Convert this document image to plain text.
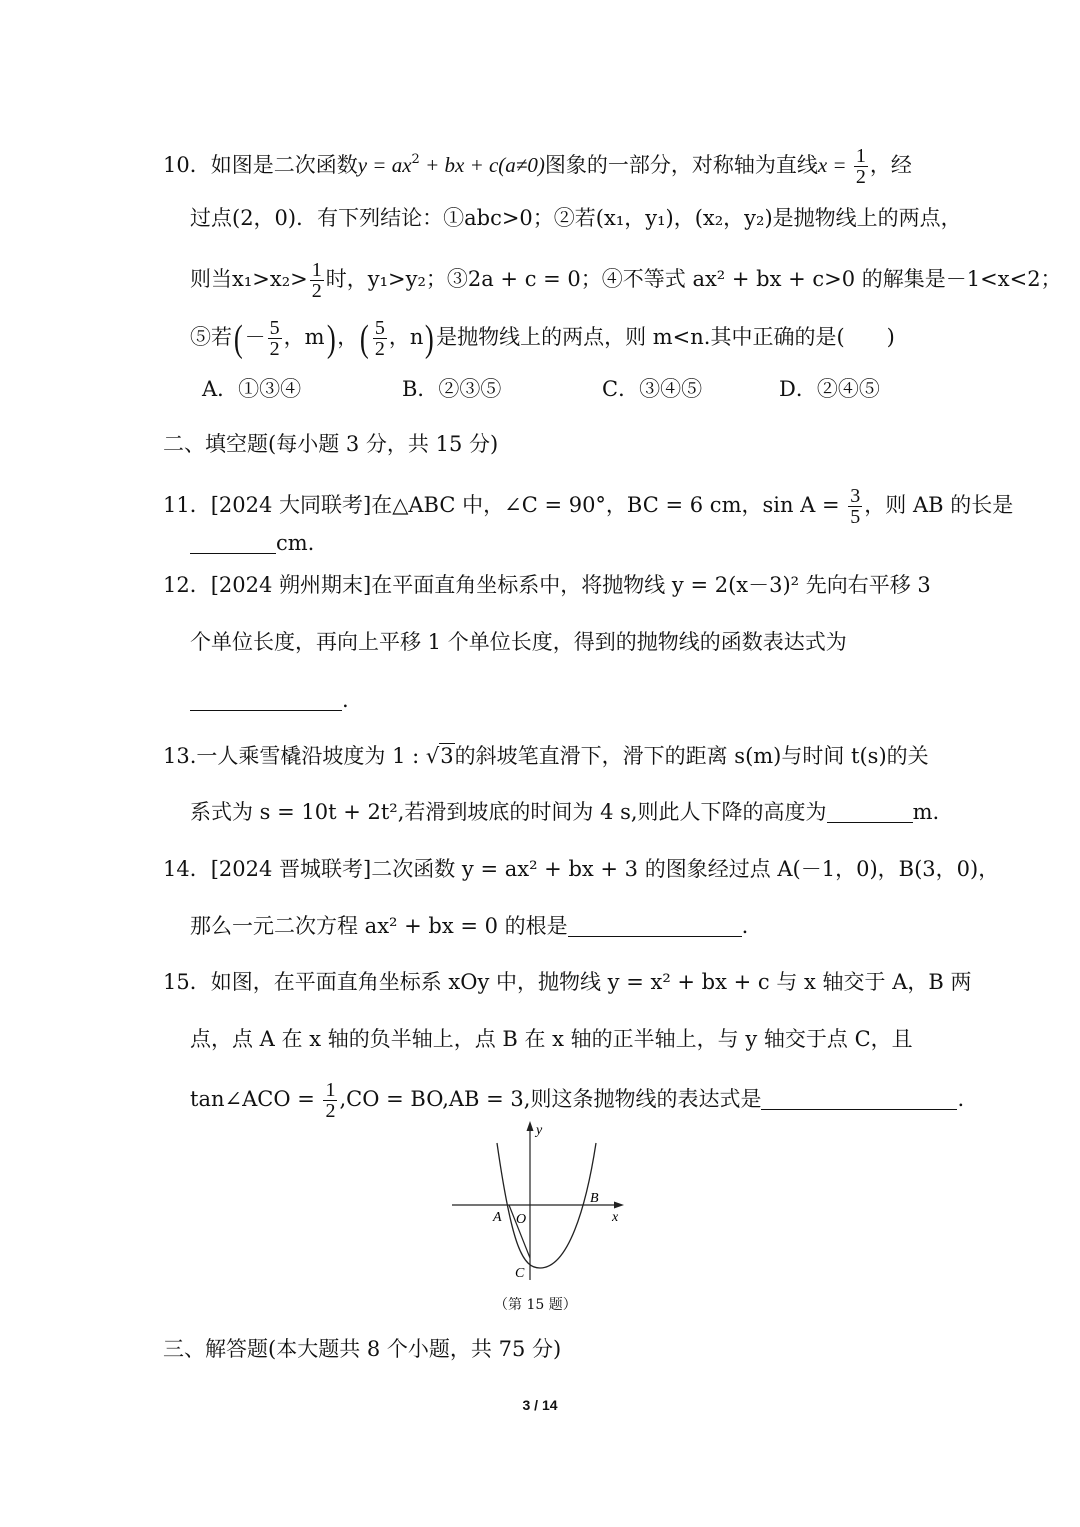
10．如图是二次函数$y = ax^2$ + bx + c(a≠0)图象的一部分，对称轴为直线$x = \frac{1}{2}$ ，经
过点(2，0)．有下列结论：①abc>0；②若(x₁，y₁)，(x₂，y₂)是抛物线上的两点，
则当$x_1>x_2> \frac{1}{2}$ 时，y₁>y₂；③2a + c = 0；④不等式 ax² + bx + c>0 的解集是－1<x<2；
⑤若(－ $\frac{5}{2}$ ，m)，( $\frac{5}{2}$ ，n)是抛物线上的两点，则 m<n.其中正确的是(　　)
A．①③④	B．②③⑤	C．③④⑤	D．②④⑤
二、填空题(每小题 3 分，共 15 分)
11．[2024 大同联考]在△ABC 中，∠C = 90°，BC = 6 cm，$\sin A = \frac{3}{5}$ ，则 AB 的长是
cm.
12．[2024 朔州期末]在平面直角坐标系中，将抛物线 y = 2(x－3)² 先向右平移 3
个单位长度，再向上平移 1 个单位长度，得到的抛物线的函数表达式为
.
13.一人乘雪橇沿坡度为 1 : √3的斜坡笔直滑下，滑下的距离 s(m)与时间 t(s)的关
系式为 s = 10t + 2t²,若滑到坡底的时间为 4 s,则此人下降的高度为	m.
14．[2024 晋城联考]二次函数 y = ax² + bx + 3 的图象经过点 A(－1，0)，B(3，0)，
那么一元二次方程 ax² + bx = 0 的根是	.
15．如图，在平面直角坐标系 xOy 中，抛物线 y = x² + bx + c 与 x 轴交于 A，B 两
点，点 A 在 x 轴的负半轴上，点 B 在 x 轴的正半轴上，与 y 轴交于点 C，且
tan∠ACO = $\frac{1}{2} ,CO = BO,AB = 3$,则这条抛物线的表达式是	.
y
x
A O
B
C
（第 15 题）
三、解答题(本大题共 8 个小题，共 75 分)
3 / 14
